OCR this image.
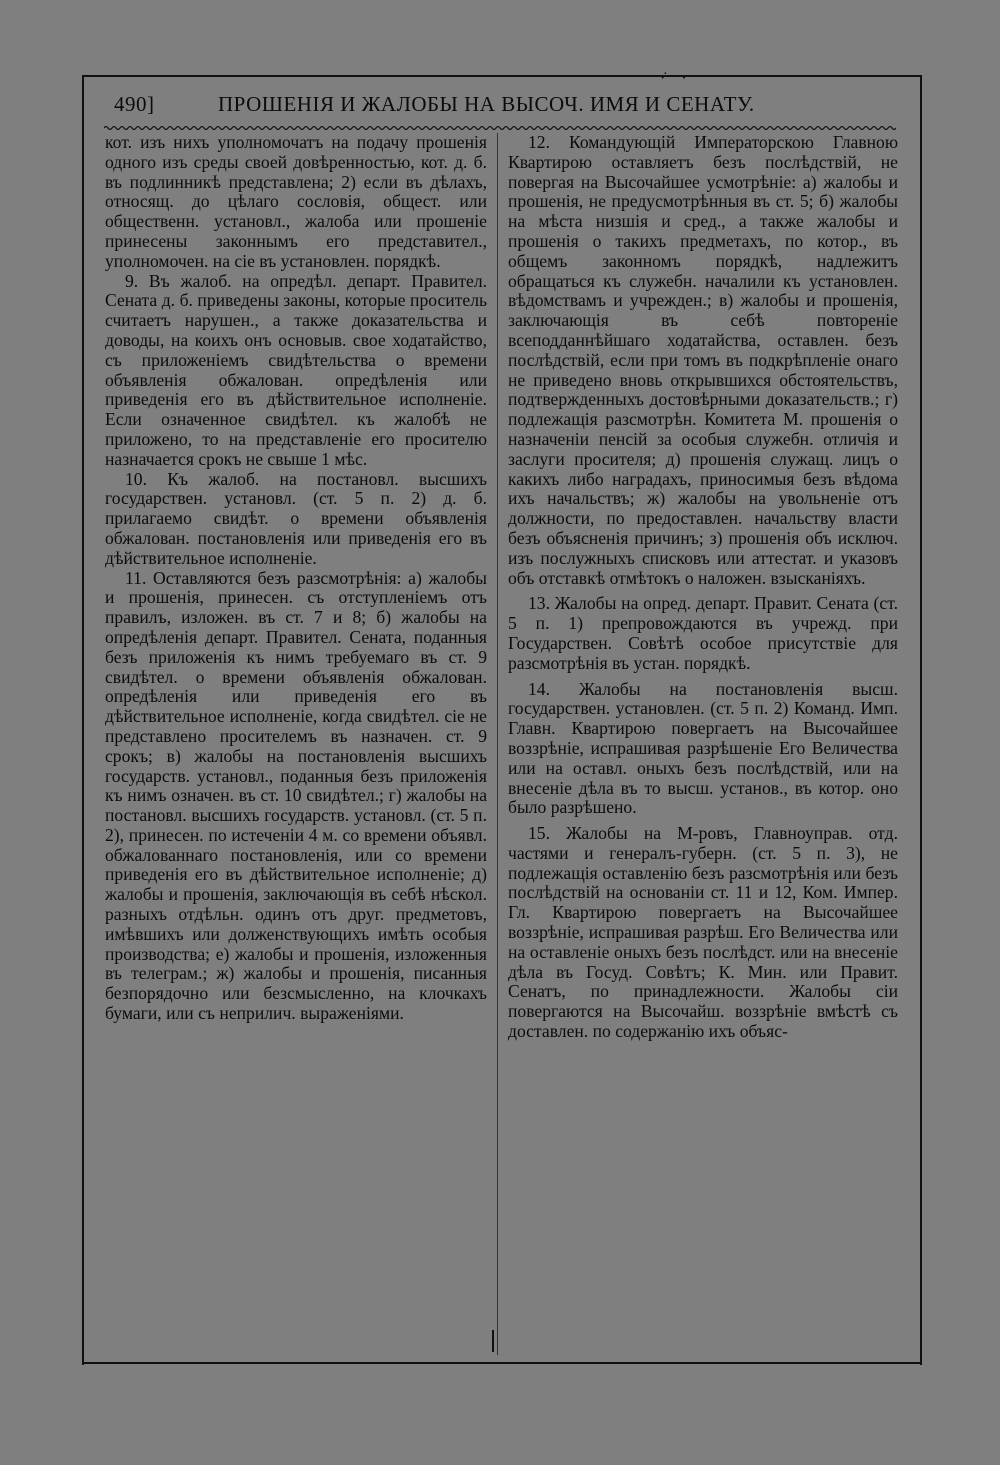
·̇ ·
490]	ПРОШЕНІЯ И ЖАЛОБЫ НА ВЫСОЧ. ИМЯ И СЕНАТУ.

кот. изъ нихъ уполномочатъ на подачу прошенія одного изъ среды своей довѣренностью, кот. д. б. въ подлинникѣ представлена; 2) если въ дѣлахъ, относящ. до цѣлаго сословія, общест. или общественн. установл., жалоба или прошеніе принесены законнымъ его представител., уполномочен. на сіе въ установлен. порядкѣ.

9. Въ жалоб. на опредѣл. департ. Правител. Сената д. б. приведены законы, которые проситель считаетъ нарушен., а также доказательства и доводы, на коихъ онъ основыв. свое ходатайство, съ приложеніемъ свидѣтельства о времени объявленія обжалован. опредѣленія или приведенія его въ дѣйствительное исполненіе. Если означенное свидѣтел. къ жалобѣ не приложено, то на представленіе его просителю назначается срокъ не свыше 1 мѣс.

10. Къ жалоб. на постановл. высшихъ государствен. установл. (ст. 5 п. 2) д. б. прилагаемо свидѣт. о времени объявленія обжалован. постановленія или приведенія его въ дѣйствительное исполненіе.

11. Оставляются безъ разсмотрѣнія: а) жалобы и прошенія, принесен. съ отступленіемъ отъ правилъ, изложен. въ ст. 7 и 8; б) жалобы на опредѣленія департ. Правител. Сената, поданныя безъ приложенія къ нимъ требуемаго въ ст. 9 свидѣтел. о времени объявленія обжалован. опредѣленія или приведенія его въ дѣйствительное исполненіе, когда свидѣтел. сіе не представлено просителемъ въ назначен. ст. 9 срокъ; в) жалобы на постановленія высшихъ государств. установл., поданныя безъ приложенія къ нимъ означен. въ ст. 10 свидѣтел.; г) жалобы на постановл. высшихъ государств. установл. (ст. 5 п. 2), принесен. по истеченіи 4 м. со времени объявл. обжалованнаго постановленія, или со времени приведенія его въ дѣйствительное исполненіе; д) жалобы и прошенія, заключающія въ себѣ нѣскол. разныхъ отдѣльн. одинъ отъ друг. предметовъ, имѣвшихъ или долженствующихъ имѣть особыя производства; е) жалобы и прошенія, изложенныя въ телеграм.; ж) жалобы и прошенія, писанныя безпорядочно или безсмысленно, на клочкахъ бумаги, или съ неприлич. выраженіями.

12. Командующій Императорскою Главною Квартирою оставляетъ безъ послѣдствій, не повергая на Высочайшее усмотрѣніе: а) жалобы и прошенія, не предусмотрѣнныя въ ст. 5; б) жалобы на мѣста низшія и сред., а также жалобы и прошенія о такихъ предметахъ, по котор., въ общемъ законномъ порядкѣ, надлежитъ обращаться къ служебн. началили къ установлен. вѣдомствамъ и учрежден.; в) жалобы и прошенія, заключающія въ себѣ повтореніе всеподданнѣйшаго ходатайства, оставлен. безъ послѣдствій, если при томъ въ подкрѣпленіе онаго не приведено вновь открывшихся обстоятельствъ, подтвержденныхъ достовѣрными доказательств.; г) подлежащія разсмотрѣн. Комитета М. прошенія о назначеніи пенсій за особыя служебн. отличія и заслуги просителя; д) прошенія служащ. лицъ о какихъ либо наградахъ, приносимыя безъ вѣдома ихъ начальствъ; ж) жалобы на увольненіе отъ должности, по предоставлен. начальству власти безъ объясненія причинъ; з) прошенія объ исключ. изъ послужныхъ списковъ или аттестат. и указовъ объ отставкѣ отмѣтокъ о наложен. взысканіяхъ.

13. Жалобы на опред. департ. Правит. Сената (ст. 5 п. 1) препровождаются въ учрежд. при Государствен. Совѣтѣ особое присутствіе для разсмотрѣнія въ устан. порядкѣ.

14. Жалобы на постановленія высш. государствен. установлен. (ст. 5 п. 2) Команд. Имп. Главн. Квартирою повергаетъ на Высочайшее воззрѣніе, испрашивая разрѣшеніе Его Величества или на оставл. оныхъ безъ послѣдствій, или на внесеніе дѣла въ то высш. установ., въ котор. оно было разрѣшено.

15. Жалобы на М-ровъ, Главноуправ. отд. частями и генералъ-губерн. (ст. 5 п. 3), не подлежащія оставленію безъ разсмотрѣнія или безъ послѣдствій на основаніи ст. 11 и 12, Ком. Импер. Гл. Квартирою повергаетъ на Высочайшее воззрѣніе, испрашивая разрѣш. Его Величества или на оставленіе оныхъ безъ послѣдст. или на внесеніе дѣла въ Госуд. Совѣтъ; К. Мин. или Правит. Сенатъ, по принадлежности. Жалобы сіи повергаются на Высочайш. воззрѣніе вмѣстѣ съ доставлен. по содержанію ихъ объяс-
